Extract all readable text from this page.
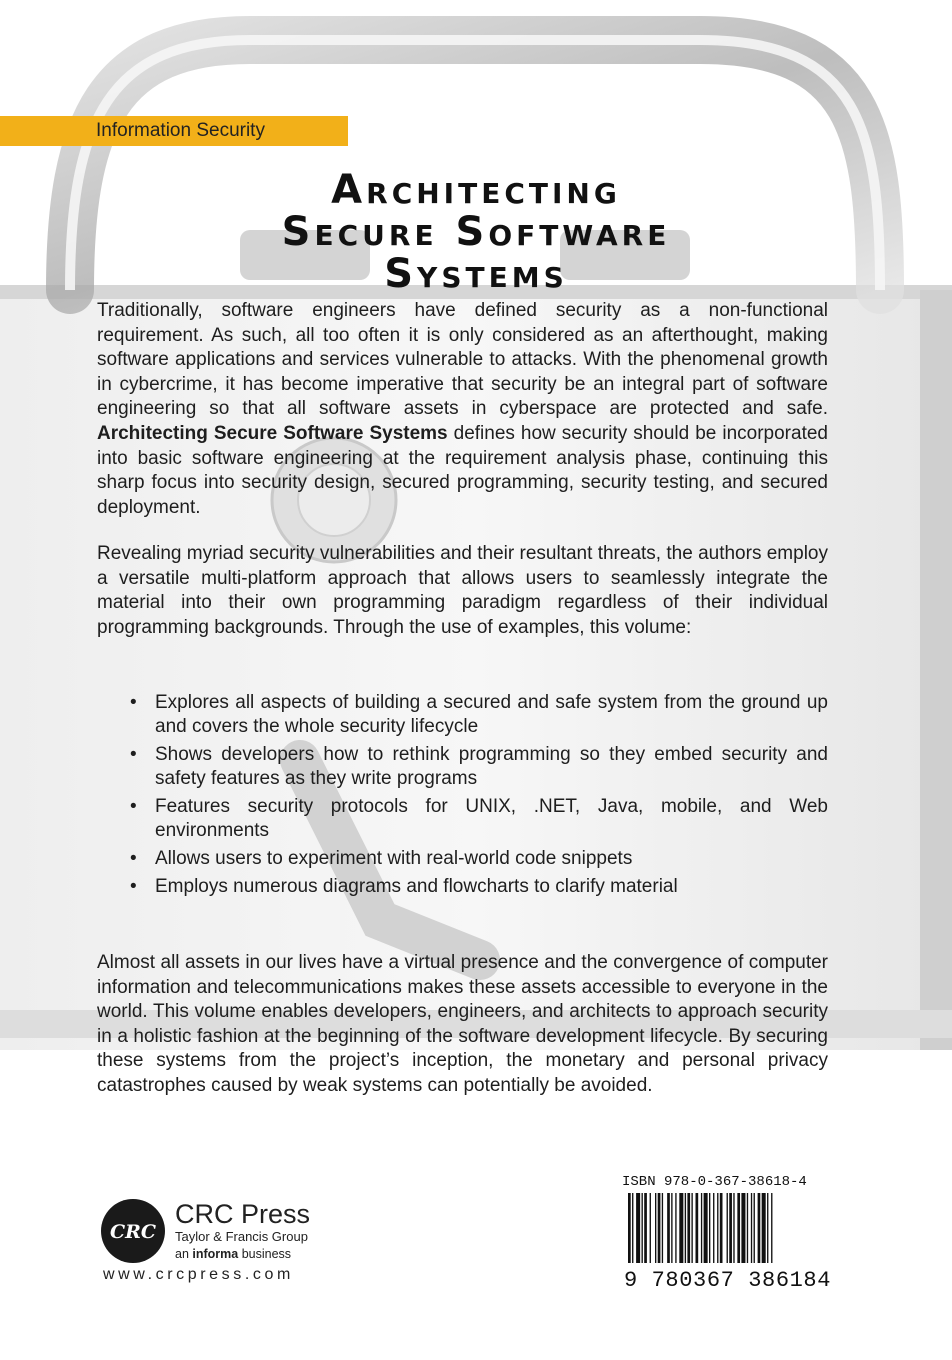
Information Security
Architecting
Secure Software
Systems

Traditionally, software engineers have defined security as a non-functional requirement. As such, all too often it is only considered as an afterthought, making software applications and services vulnerable to attacks. With the phenomenal growth in cybercrime, it has become imperative that security be an integral part of software engineering so that all software assets in cyberspace are protected and safe. Architecting Secure Software Systems defines how security should be incorporated into basic software engineering at the requirement analysis phase, continuing this sharp focus into security design, secured programming, security testing, and secured deployment.

Revealing myriad security vulnerabilities and their resultant threats, the authors employ a versatile multi-platform approach that allows users to seamlessly integrate the material into their own programming paradigm regardless of their individual programming backgrounds. Through the use of examples, this volume:

• Explores all aspects of building a secured and safe system from the ground up and covers the whole security lifecycle
• Shows developers how to rethink programming so they embed security and safety features as they write programs
• Features security protocols for UNIX, .NET, Java, mobile, and Web environments
• Allows users to experiment with real-world code snippets
• Employs numerous diagrams and flowcharts to clarify material

Almost all assets in our lives have a virtual presence and the convergence of computer information and telecommunications makes these assets accessible to everyone in the world. This volume enables developers, engineers, and architects to approach security in a holistic fashion at the beginning of the software development lifecycle. By securing these systems from the project’s inception, the monetary and personal privacy catastrophes caused by weak systems can potentially be avoided.

CRC
CRC Press
Taylor & Francis Group
an informa business
www.crcpress.com
ISBN 978-0-367-38618-4
9 780367 386184
